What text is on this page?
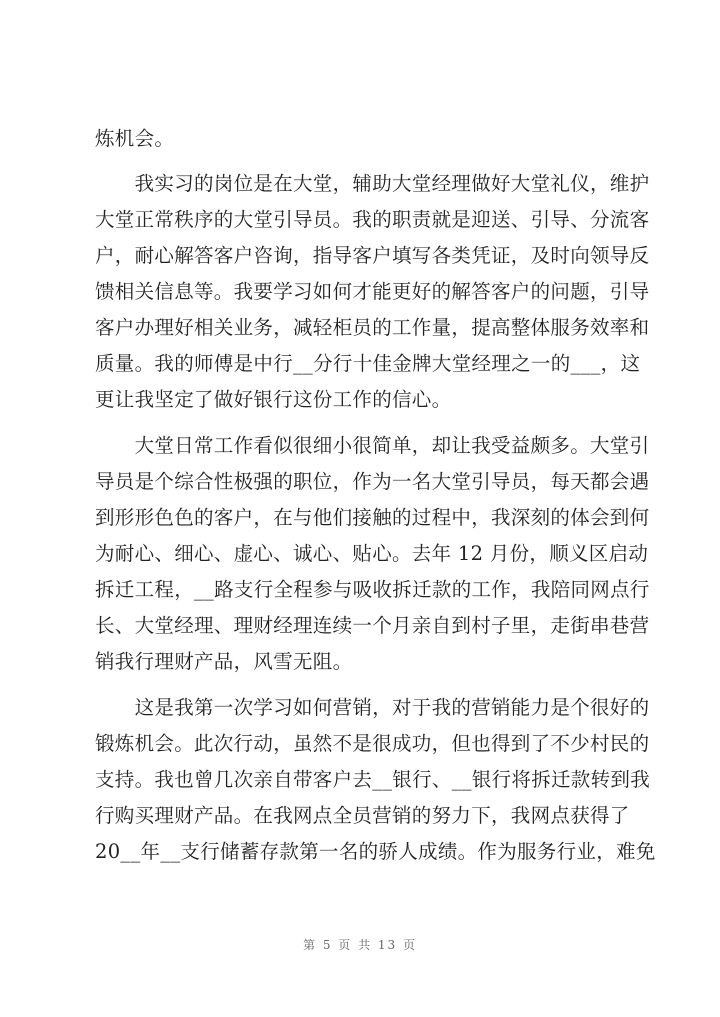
炼机会。
　　我实习的岗位是在大堂，辅助大堂经理做好大堂礼仪，维护
大堂正常秩序的大堂引导员。我的职责就是迎送、引导、分流客
户，耐心解答客户咨询，指导客户填写各类凭证，及时向领导反
馈相关信息等。我要学习如何才能更好的解答客户的问题，引导
客户办理好相关业务，减轻柜员的工作量，提高整体服务效率和
质量。我的师傅是中行__分行十佳金牌大堂经理之一的___，这
更让我坚定了做好银行这份工作的信心。
　　大堂日常工作看似很细小很简单，却让我受益颇多。大堂引
导员是个综合性极强的职位，作为一名大堂引导员，每天都会遇
到形形色色的客户，在与他们接触的过程中，我深刻的体会到何
为耐心、细心、虚心、诚心、贴心。去年 12 月份，顺义区启动
拆迁工程，__路支行全程参与吸收拆迁款的工作，我陪同网点行
长、大堂经理、理财经理连续一个月亲自到村子里，走街串巷营
销我行理财产品，风雪无阻。
　　这是我第一次学习如何营销，对于我的营销能力是个很好的
锻炼机会。此次行动，虽然不是很成功，但也得到了不少村民的
支持。我也曾几次亲自带客户去__银行、__银行将拆迁款转到我
行购买理财产品。在我网点全员营销的努力下，我网点获得了
20__年__支行储蓄存款第一名的骄人成绩。作为服务行业，难免
第 5 页 共 13 页
